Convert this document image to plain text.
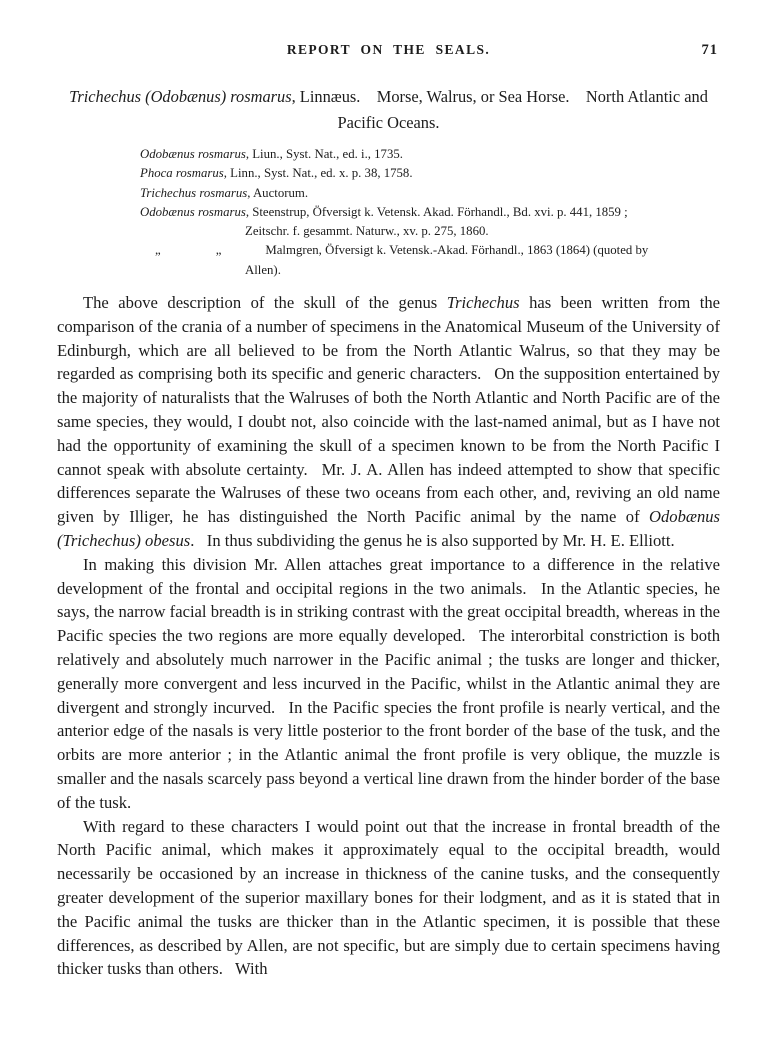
REPORT ON THE SEALS.	71
Trichechus (Odobænus) rosmarus, Linnæus.  Morse, Walrus, or Sea Horse.  North Atlantic and Pacific Oceans.
Odobænus rosmarus, Liun., Syst. Nat., ed. i., 1735.
Phoca rosmarus, Linn., Syst. Nat., ed. x. p. 38, 1758.
Trichechus rosmarus, Auctorum.
Odobænus rosmarus, Steenstrup, Öfversigt k. Vetensk. Akad. Förhandl., Bd. xvi. p. 441, 1859 ;
Zeitschr. f. gesammt. Naturw., xv. p. 275, 1860.
„	„	Malmgren, Öfversigt k. Vetensk.-Akad. Förhandl., 1863 (1864) (quoted by
Allen).

The above description of the skull of the genus Trichechus has been written from the comparison of the crania of a number of specimens in the Anatomical Museum of the University of Edinburgh, which are all believed to be from the North Atlantic Walrus, so that they may be regarded as comprising both its specific and generic characters.  On the supposition entertained by the majority of naturalists that the Walruses of both the North Atlantic and North Pacific are of the same species, they would, I doubt not, also coincide with the last-named animal, but as I have not had the opportunity of examining the skull of a specimen known to be from the North Pacific I cannot speak with absolute certainty.  Mr. J. A. Allen has indeed attempted to show that specific differences separate the Walruses of these two oceans from each other, and, reviving an old name given by Illiger, he has distinguished the North Pacific animal by the name of Odobænus (Trichechus) obesus.  In thus subdividing the genus he is also supported by Mr. H. E. Elliott.

In making this division Mr. Allen attaches great importance to a difference in the relative development of the frontal and occipital regions in the two animals.  In the Atlantic species, he says, the narrow facial breadth is in striking contrast with the great occipital breadth, whereas in the Pacific species the two regions are more equally developed.  The interorbital constriction is both relatively and absolutely much narrower in the Pacific animal ; the tusks are longer and thicker, generally more convergent and less incurved in the Pacific, whilst in the Atlantic animal they are divergent and strongly incurved.  In the Pacific species the front profile is nearly vertical, and the anterior edge of the nasals is very little posterior to the front border of the base of the tusk, and the orbits are more anterior ; in the Atlantic animal the front profile is very oblique, the muzzle is smaller and the nasals scarcely pass beyond a vertical line drawn from the hinder border of the base of the tusk.

With regard to these characters I would point out that the increase in frontal breadth of the North Pacific animal, which makes it approximately equal to the occipital breadth, would necessarily be occasioned by an increase in thickness of the canine tusks, and the consequently greater development of the superior maxillary bones for their lodgment, and as it is stated that in the Pacific animal the tusks are thicker than in the Atlantic specimen, it is possible that these differences, as described by Allen, are not specific, but are simply due to certain specimens having thicker tusks than others.  With
